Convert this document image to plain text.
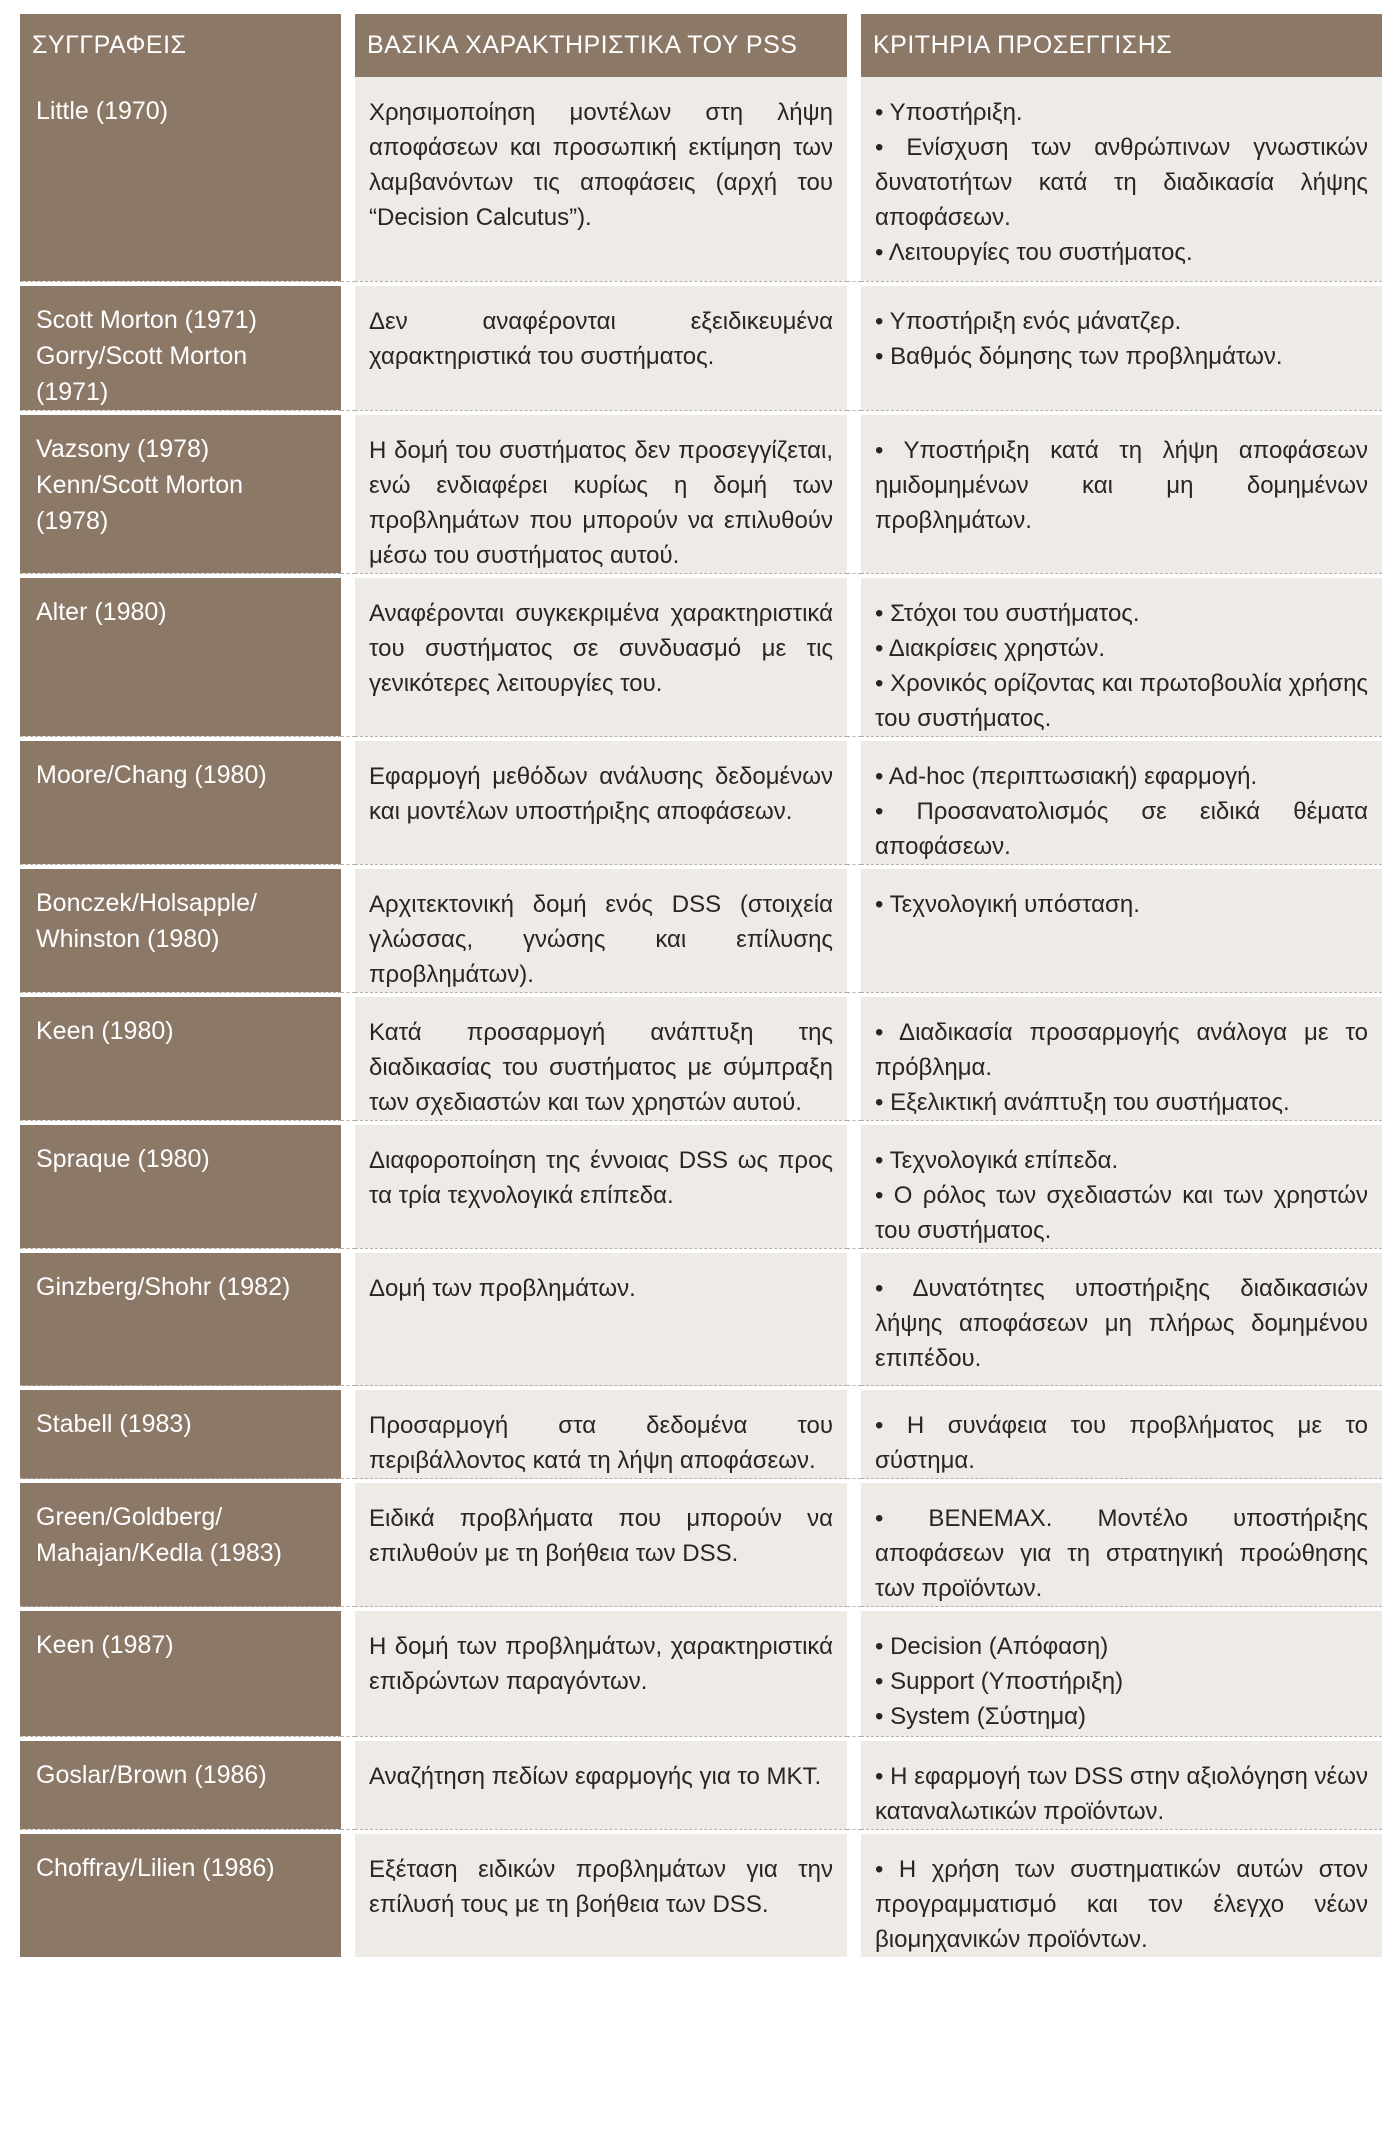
ΣΥΓΓΡΑΦΕΙΣ		ΒΑΣΙΚΑ ΧΑΡΑΚΤΗΡΙΣΤΙΚΑ ΤΟΥ PSS		ΚΡΙΤΗΡΙΑ ΠΡΟΣΕΓΓΙΣΗΣ
Little (1970)		Χρησιμοποίηση μοντέλων στη λήψη αποφάσεων και προσωπική εκτίμηση των λαμβανόντων τις αποφάσεις (αρχή του “Decision Calcutus”).		• Υποστήριξη.
• Ενίσχυση των ανθρώπινων γνωστικών δυνατοτήτων κατά τη διαδικασία λήψης αποφάσεων.
• Λειτουργίες του συστήματος.

Scott Morton (1971)
Gorry/Scott Morton (1971)		Δεν αναφέρονται εξειδικευμένα χαρακτηριστικά του συστήματος.		• Υποστήριξη ενός μάνατζερ.
• Βαθμός δόμησης των προβλημάτων.

Vazsony (1978)
Kenn/Scott Morton
(1978)		Η δομή του συστήματος δεν προσεγγίζεται, ενώ ενδιαφέρει κυρίως η δομή των προβλημάτων που μπορούν να επιλυθούν μέσω του συστήματος αυτού.		• Υποστήριξη κατά τη λήψη αποφάσεων ημιδομημένων και μη δομημένων προβλημάτων.

Alter (1980)		Αναφέρονται συγκεκριμένα χαρακτηριστικά του συστήματος σε συνδυασμό με τις γενικότερες λειτουργίες του.		• Στόχοι του συστήματος.
• Διακρίσεις χρηστών.
• Χρονικός ορίζοντας και πρωτοβουλία χρήσης του συστήματος.

Moore/Chang (1980)		Εφαρμογή μεθόδων ανάλυσης δεδομένων και μοντέλων υποστήριξης αποφάσεων.		• Ad-hoc (περιπτωσιακή) εφαρμογή.
• Προσανατολισμός σε ειδικά θέματα αποφάσεων.

Bonczek/Holsapple/
Whinston (1980)		Αρχιτεκτονική δομή ενός DSS (στοιχεία γλώσσας, γνώσης και επίλυσης προβλημάτων).		• Τεχνολογική υπόσταση.

Keen (1980)		Κατά προσαρμογή ανάπτυξη της διαδικασίας του συστήματος με σύμπραξη των σχεδιαστών και των χρηστών αυτού.		• Διαδικασία προσαρμογής ανάλογα με το πρόβλημα.
• Εξελικτική ανάπτυξη του συστήματος.

Spraque (1980)		Διαφοροποίηση της έννοιας DSS ως προς τα τρία τεχνολογικά επίπεδα.		• Τεχνολογικά επίπεδα.
• Ο ρόλος των σχεδιαστών και των χρηστών του συστήματος.

Ginzberg/Shohr (1982)		Δομή των προβλημάτων.		• Δυνατότητες υποστήριξης διαδικασιών λήψης αποφάσεων μη πλήρως δομημένου επιπέδου.

Stabell (1983)		Προσαρμογή στα δεδομένα του περιβάλλοντος κατά τη λήψη αποφάσεων.		• Η συνάφεια του προβλήματος με το σύστημα.

Green/Goldberg/
Mahajan/Kedla (1983)		Ειδικά προβλήματα που μπορούν να επιλυθούν με τη βοήθεια των DSS.		• BENEMAX. Μοντέλο υποστήριξης αποφάσεων για τη στρατηγική προώθησης των προϊόντων.

Keen (1987)		Η δομή των προβλημάτων, χαρακτηριστικά επιδρώντων παραγόντων.		• Decision (Απόφαση)
• Support (Υποστήριξη)
• System (Σύστημα)

Goslar/Brown (1986)		Αναζήτηση πεδίων εφαρμογής για το MKT.		• Η εφαρμογή των DSS στην αξιολόγηση νέων καταναλωτικών προϊόντων.

Choffray/Lilien (1986)		Εξέταση ειδικών προβλημάτων για την επίλυσή τους με τη βοήθεια των DSS.		• Η χρήση των συστηματικών αυτών στον προγραμματισμό και τον έλεγχο νέων βιομηχανικών προϊόντων.
